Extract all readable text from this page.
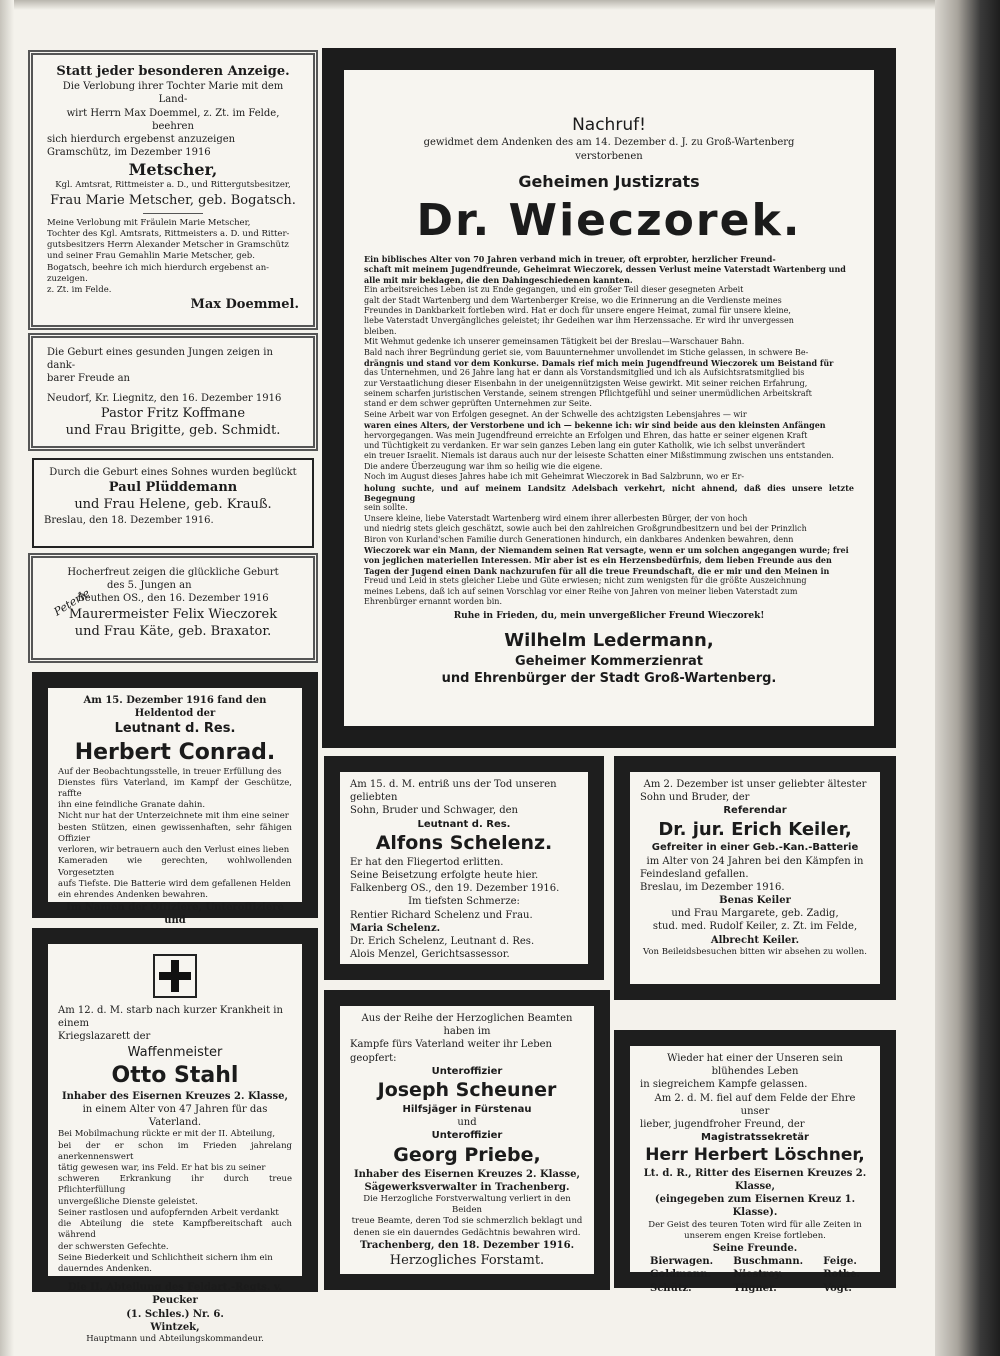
Statt jeder besonderen Anzeige.

Die Verlobung ihrer Tochter Marie mit dem Land-

wirt Herrn Max Doemmel, z. Zt. im Felde, beehren

sich hierdurch ergebenst anzuzeigen

Gramschütz, im Dezember 1916

Metscher,

Kgl. Amtsrat, Rittmeister a. D., und Rittergutsbesitzer,

Frau Marie Metscher, geb. Bogatsch.

Meine Verlobung mit Fräulein Marie Metscher,

Tochter des Kgl. Amtsrats, Rittmeisters a. D. und Ritter-

gutsbesitzers Herrn Alexander Metscher in Gramschütz

und seiner Frau Gemahlin Marie Metscher, geb.

Bogatsch, beehre ich mich hierdurch ergebenst an-

zuzeigen.

z. Zt. im Felde.

Max Doemmel.

Die Geburt eines gesunden Jungen zeigen in dank-

barer Freude an

Neudorf, Kr. Liegnitz, den 16. Dezember 1916

Pastor Fritz Koffmane

und Frau Brigitte, geb. Schmidt.

Durch die Geburt eines Sohnes wurden beglückt

Paul Plüddemann

und Frau Helene, geb. Krauß.

Breslau, den 18. Dezember 1916.

Hocherfreut zeigen die glückliche Geburt

des 5. Jungen an

Beuthen OS., den 16. Dezember 1916

Maurermeister Felix Wieczorek

und Frau Käte, geb. Braxator.

Peterle

Am 15. Dezember 1916 fand den Heldentod der

Leutnant d. Res.

Herbert Conrad.

Auf der Beobachtungsstelle, in treuer Erfüllung des

Dienstes fürs Vaterland, im Kampf der Geschütze, raffte

ihn eine feindliche Granate dahin.

Nicht nur hat der Unterzeichnete mit ihm eine seiner

besten Stützen, einen gewissenhaften, sehr fähigen Offizier

verloren, wir betrauern auch den Verlust eines lieben

Kameraden wie gerechten, wohlwollenden Vorgesetzten

aufs Tiefste. Die Batterie wird dem gefallenen Helden

ein ehrendes Andenken bewahren.

Im Namen der Offiziere, Unteroffiziere und

Am 12. d. M. starb nach kurzer Krankheit in einem

Kriegslazarett der

Waffenmeister

Otto Stahl

Inhaber des Eisernen Kreuzes 2. Klasse,

in einem Alter von 47 Jahren für das Vaterland.

Bei Mobilmachung rückte er mit der II. Abteilung,

bei der er schon im Frieden jahrelang anerkennenswert

tätig gewesen war, ins Feld. Er hat bis zu seiner

schweren Erkrankung ihr durch treue Pflichterfüllung

unvergeßliche Dienste geleistet.

Seiner rastlosen und aufopfernden Arbeit verdankt

die Abteilung die stete Kampfbereitschaft auch während

der schwersten Gefechte.

Seine Biederkeit und Schlichtheit sichern ihm ein

dauerndes Andenken.

Die II. Abteilung des Feldart.-Regts. v. Peucker

(1. Schles.) Nr. 6.

Wintzek,

Hauptmann und Abteilungskommandeur.

Nachruf!

gewidmet dem Andenken des am 14. Dezember d. J. zu Groß-Wartenberg

verstorbenen

Geheimen Justizrats

Dr. Wieczorek.

Ein biblisches Alter von 70 Jahren verband mich in treuer, oft erprobter, herzlicher Freund-

schaft mit meinem Jugendfreunde, Geheimrat Wieczorek, dessen Verlust meine Vaterstadt Wartenberg und

alle mit mir beklagen, die den Dahingeschiedenen kannten.

Ein arbeitsreiches Leben ist zu Ende gegangen, und ein großer Teil dieser gesegneten Arbeit

galt der Stadt Wartenberg und dem Wartenberger Kreise, wo die Erinnerung an die Verdienste meines

Freundes in Dankbarkeit fortleben wird. Hat er doch für unsere engere Heimat, zumal für unsere kleine,

liebe Vaterstadt Unvergängliches geleistet; ihr Gedeihen war ihm Herzenssache. Er wird ihr unvergessen

bleiben.

Mit Wehmut gedenke ich unserer gemeinsamen Tätigkeit bei der Breslau—Warschauer Bahn.

Bald nach ihrer Begründung geriet sie, vom Bauunternehmer unvollendet im Stiche gelassen, in schwere Be-

drängnis und stand vor dem Konkurse. Damals rief mich mein Jugendfreund Wieczorek um Beistand für

das Unternehmen, und 26 Jahre lang hat er dann als Vorstandsmitglied und ich als Aufsichtsratsmitglied bis

zur Verstaatlichung dieser Eisenbahn in der uneigennützigsten Weise gewirkt. Mit seiner reichen Erfahrung,

seinem scharfen juristischen Verstande, seinem strengen Pflichtgefühl und seiner unermüdlichen Arbeitskraft

stand er dem schwer geprüften Unternehmen zur Seite.

Seine Arbeit war von Erfolgen gesegnet. An der Schwelle des achtzigsten Lebensjahres — wir

waren eines Alters, der Verstorbene und ich — bekenne ich: wir sind beide aus den kleinsten Anfängen

hervorgegangen. Was mein Jugendfreund erreichte an Erfolgen und Ehren, das hatte er seiner eigenen Kraft

und Tüchtigkeit zu verdanken. Er war sein ganzes Leben lang ein guter Katholik, wie ich selbst unverändert

ein treuer Israelit. Niemals ist daraus auch nur der leiseste Schatten einer Mißstimmung zwischen uns entstanden.

Die andere Überzeugung war ihm so heilig wie die eigene.

Noch im August dieses Jahres habe ich mit Geheimrat Wieczorek in Bad Salzbrunn, wo er Er-

holung suchte, und auf meinem Landsitz Adelsbach verkehrt, nicht ahnend, daß dies unsere letzte Begegnung

sein sollte.

Unsere kleine, liebe Vaterstadt Wartenberg wird einem ihrer allerbesten Bürger, der von hoch

und niedrig stets gleich geschätzt, sowie auch bei den zahlreichen Großgrundbesitzern und bei der Prinzlich

Biron von Kurland'schen Familie durch Generationen hindurch, ein dankbares Andenken bewahren, denn

Wieczorek war ein Mann, der Niemandem seinen Rat versagte, wenn er um solchen angegangen wurde; frei

von jeglichen materiellen Interessen. Mir aber ist es ein Herzensbedürfnis, dem lieben Freunde aus den

Tagen der Jugend einen Dank nachzurufen für all die treue Freundschaft, die er mir und den Meinen in

Freud und Leid in stets gleicher Liebe und Güte erwiesen; nicht zum wenigsten für die größte Auszeichnung

meines Lebens, daß ich auf seinen Vorschlag vor einer Reihe von Jahren von meiner lieben Vaterstadt zum

Ehrenbürger ernannt worden bin.

Ruhe in Frieden, du, mein unvergeßlicher Freund Wieczorek!

Wilhelm Ledermann,

Geheimer Kommerzienrat

und Ehrenbürger der Stadt Groß-Wartenberg.

Am 15. d. M. entriß uns der Tod unseren geliebten

Sohn, Bruder und Schwager, den

Leutnant d. Res.

Alfons Schelenz.

Er hat den Fliegertod erlitten.

Seine Beisetzung erfolgte heute hier.

Falkenberg OS., den 19. Dezember 1916.

Im tiefsten Schmerze:

Rentier Richard Schelenz und Frau.

Maria Schelenz.

Dr. Erich Schelenz, Leutnant d. Res.

Alois Menzel, Gerichtsassessor.

Am 2. Dezember ist unser geliebter ältester

Sohn und Bruder, der

Referendar

Dr. jur. Erich Keiler,

Gefreiter in einer Geb.-Kan.-Batterie

im Alter von 24 Jahren bei den Kämpfen in

Feindesland gefallen.

Breslau, im Dezember 1916.

Benas Keiler

und Frau Margarete, geb. Zadig,

stud. med. Rudolf Keiler, z. Zt. im Felde,

Albrecht Keiler.

Von Beileidsbesuchen bitten wir absehen zu wollen.

Aus der Reihe der Herzoglichen Beamten haben im

Kampfe fürs Vaterland weiter ihr Leben geopfert:

Unteroffizier

Joseph Scheuner

Hilfsjäger in Fürstenau

und

Unteroffizier

Georg Priebe,

Inhaber des Eisernen Kreuzes 2. Klasse,

Sägewerksverwalter in Trachenberg.

Die Herzogliche Forstverwaltung verliert in den Beiden

treue Beamte, deren Tod sie schmerzlich beklagt und

denen sie ein dauerndes Gedächtnis bewahren wird.

Trachenberg, den 18. Dezember 1916.

Herzogliches Forstamt.

Wieder hat einer der Unseren sein blühendes Leben

in siegreichem Kampfe gelassen.

Am 2. d. M. fiel auf dem Felde der Ehre unser

lieber, jugendfroher Freund, der

Magistratssekretär

Herr Herbert Löschner,

Lt. d. R., Ritter des Eisernen Kreuzes 2. Klasse,

(eingegeben zum Eisernen Kreuz 1. Klasse).

Der Geist des teuren Toten wird für alle Zeiten in

unserem engen Kreise fortleben.

Seine Freunde.

Bierwagen.

Goldmann.

Schütz.

Buschmann.

Niestroy.

Tilgner.

Feige.

Rothe.

Vogt.
